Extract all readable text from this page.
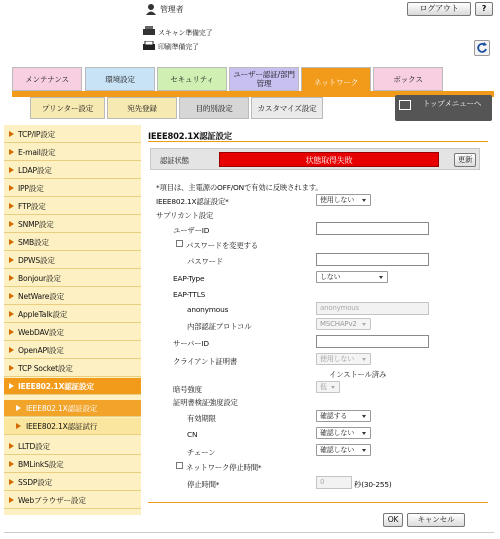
管理者	ログアウト	?
スキャン準備完了
印刷準備完了
メンテナンス	環境設定	セキュリティ	ユーザー認証/部門管理	ネットワーク	ボックス
プリンター設定	宛先登録	目的別設定	カスタマイズ設定	トップメニューへ
TCP/IP設定
E-mail設定
LDAP設定
IPP設定
FTP設定
SNMP設定
SMB設定
DPWS設定
Bonjour設定
NetWare設定
AppleTalk設定
WebDAV設定
OpenAPI設定
TCP Socket設定
IEEE802.1X認証設定
IEEE802.1X認証設定
IEEE802.1X認証試行
LLTD設定
BMLinkS設定
SSDP設定
Webブラウザー設定
IEEE802.1X認証設定
認証状態	状態取得失敗	更新
*項目は、主電源のOFF/ONで有効に反映されます。
IEEE802.1X認証設定*	使用しない
サプリカント設定
ユーザーID
パスワードを変更する
パスワード
EAP-Type	しない
EAP-TTLS
anonymous	anonymous
内部認証プロトコル	MSCHAPv2
サーバーID
クライアント証明書	使用しない
インストール済み
暗号強度	低
証明書検証強度設定
有効期限	確認する
CN	確認しない
チェーン	確認しない
ネットワーク停止時間*
停止時間*	0	秒(30-255)
OK	キャンセル
